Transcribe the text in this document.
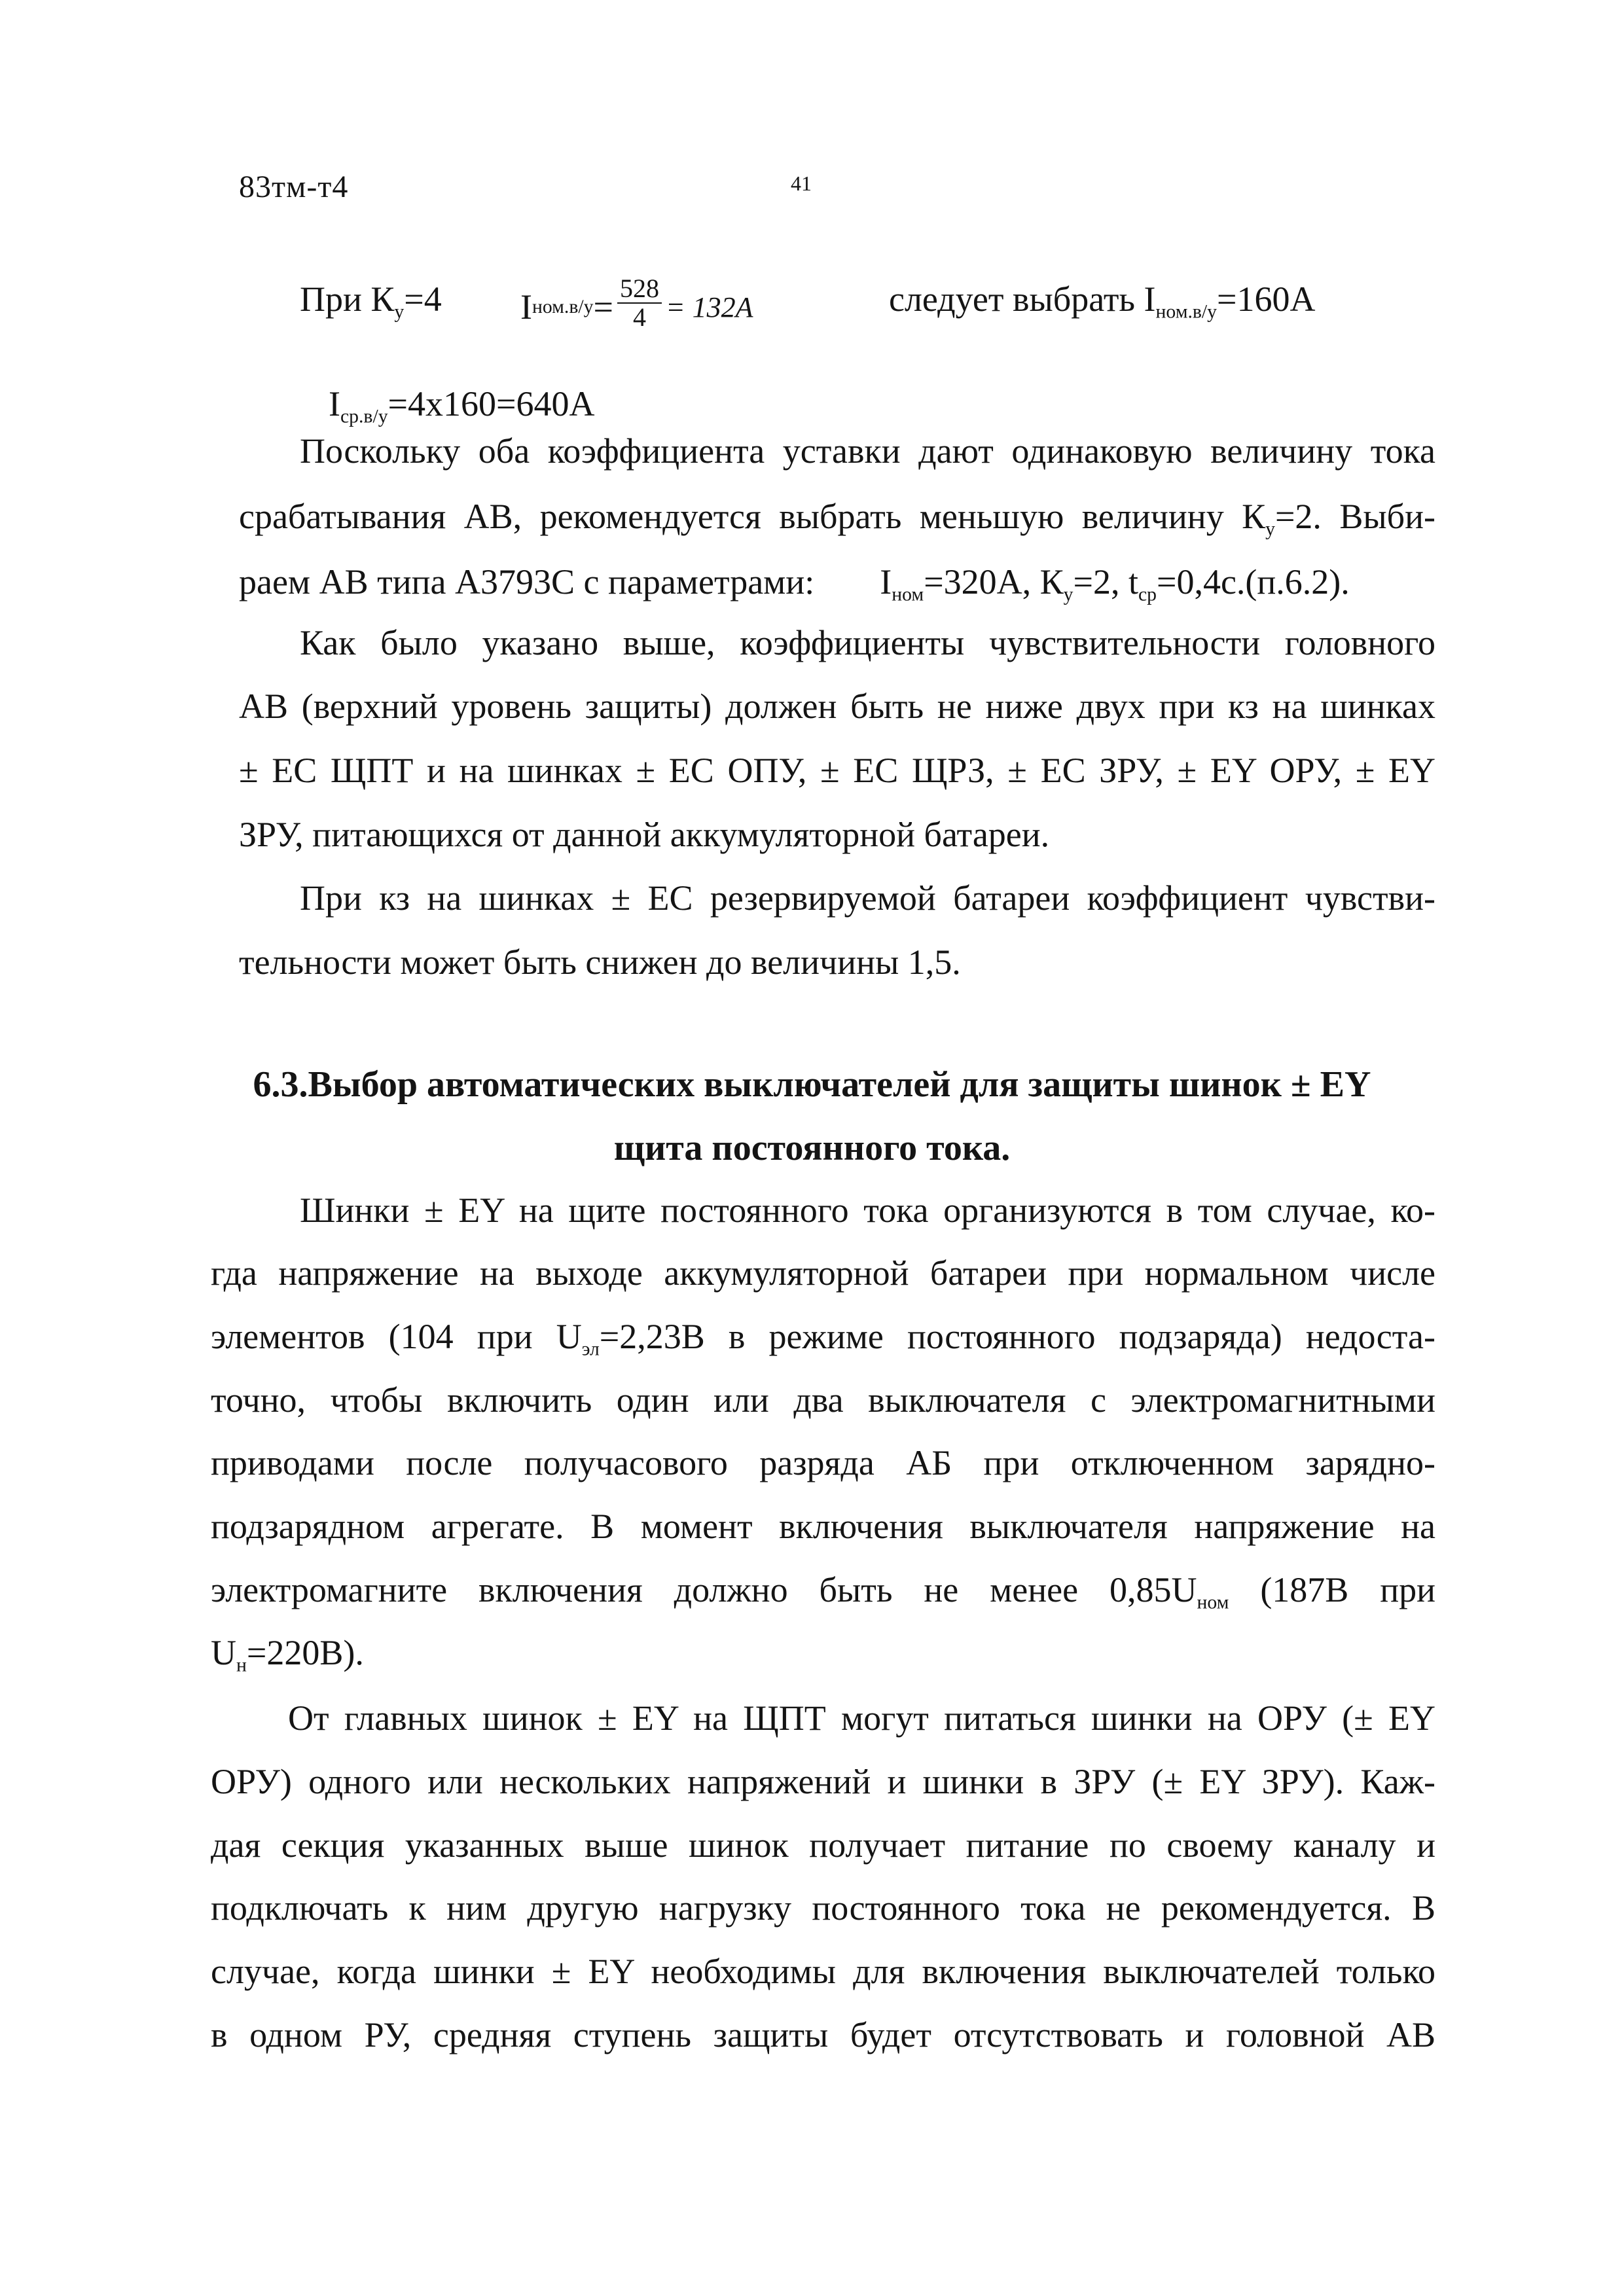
83тм-т4	41
При $К_у=4$ I $ном.в/у = \frac{528}{4} = 132А$	следует выбрать $I_{ном.в/у}=160А$
$I_{ср.в/у}=4х160=640А$
Поскольку оба коэффициента уставки дают одинаковую величину тока
срабатывания АВ, рекомендуется выбрать меньшую величину $К_у=2$. Выби-
раем АВ типа А3793С с параметрами: $I_{ном}=320А$, $К_у=2$, $t_{ср}=0,4с.(п.6.2)$.
Как было указано выше, коэффициенты чувствительности головного
АВ (верхний уровень защиты) должен быть не ниже двух при кз на шинках
± ЕС ЩПТ и на шинках ± ЕС ОПУ, ± ЕС ЩРЗ, ± ЕС ЗРУ, ± ЕY ОРУ, ± ЕY
ЗРУ, питающихся от данной аккумуляторной батареи.
При кз на шинках ± ЕС резервируемой батареи коэффициент чувстви-
тельности может быть снижен до величины 1,5.
6.3.Выбор автоматических выключателей для защиты шинок ± ЕY
щита постоянного тока.
Шинки ± ЕY на щите постоянного тока организуются в том случае, ко-
гда напряжение на выходе аккумуляторной батареи при нормальном числе
элементов (104 при $U_{эл}=2,23В$ в режиме постоянного подзаряда) недоста-
точно, чтобы включить один или два выключателя с электромагнитными
приводами после получасового разряда АБ при отключенном зарядно-
подзарядном агрегате. В момент включения выключателя напряжение на
электромагните включения должно быть не менее $0,85U_{ном}$ (187В при
$U_н=220В$).
От главных шинок ± ЕY на ЩПТ могут питаться шинки на ОРУ (± ЕY
ОРУ) одного или нескольких напряжений и шинки в ЗРУ (± ЕY ЗРУ). Каж-
дая секция указанных выше шинок получает питание по своему каналу и
подключать к ним другую нагрузку постоянного тока не рекомендуется. В
случае, когда шинки ± ЕY необходимы для включения выключателей только
в одном РУ, средняя ступень защиты будет отсутствовать и головной АВ
